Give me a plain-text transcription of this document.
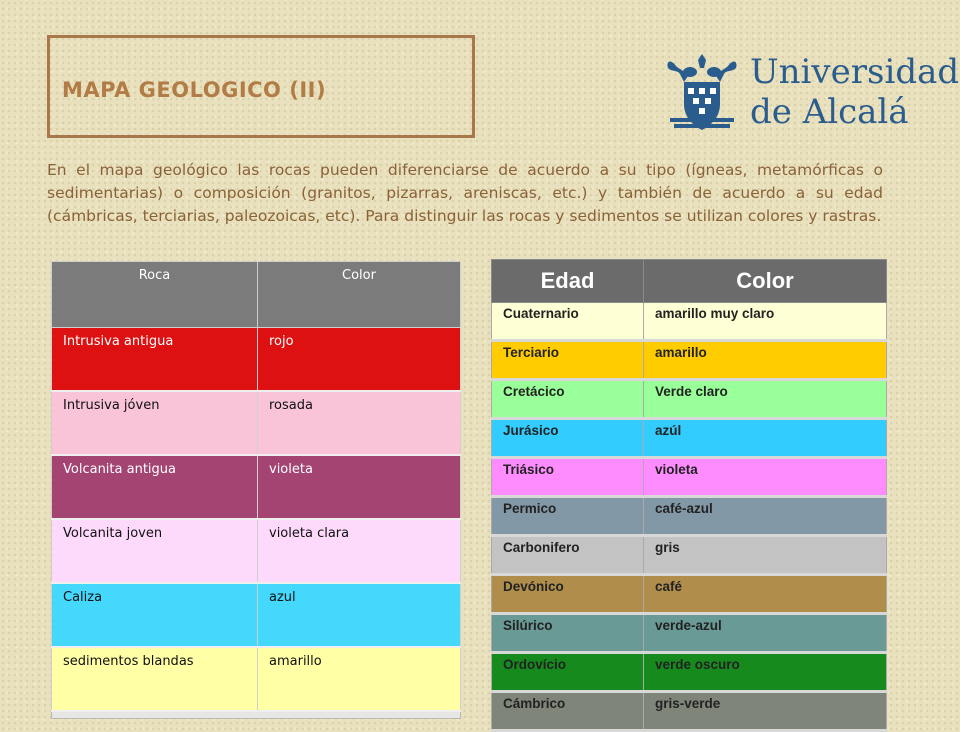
MAPA GEOLOGICO (II)	Universidad
de Alcalá

En el mapa geológico las rocas pueden diferenciarse de acuerdo a su tipo (ígneas, metamórficas o sedimentarias) o composición (granitos, pizarras, areniscas, etc.) y también de acuerdo a su edad (cámbricas, terciarias, paleozoicas, etc). Para distinguir las rocas y sedimentos se utilizan colores y rastras.

Roca	Color
Intrusiva antigua	rojo
Intrusiva jóven	rosada
Volcanita antigua	violeta
Volcanita joven	violeta clara
Caliza	azul
sedimentos blandas	amarillo

Edad	Color
Cuaternario	amarillo muy claro
Terciario	amarillo
Cretácico	Verde claro
Jurásico	azúl
Triásico	violeta
Permico	café-azul
Carbonifero	gris
Devónico	café
Silúrico	verde-azul
Ordovício	verde oscuro
Cámbrico	gris-verde
